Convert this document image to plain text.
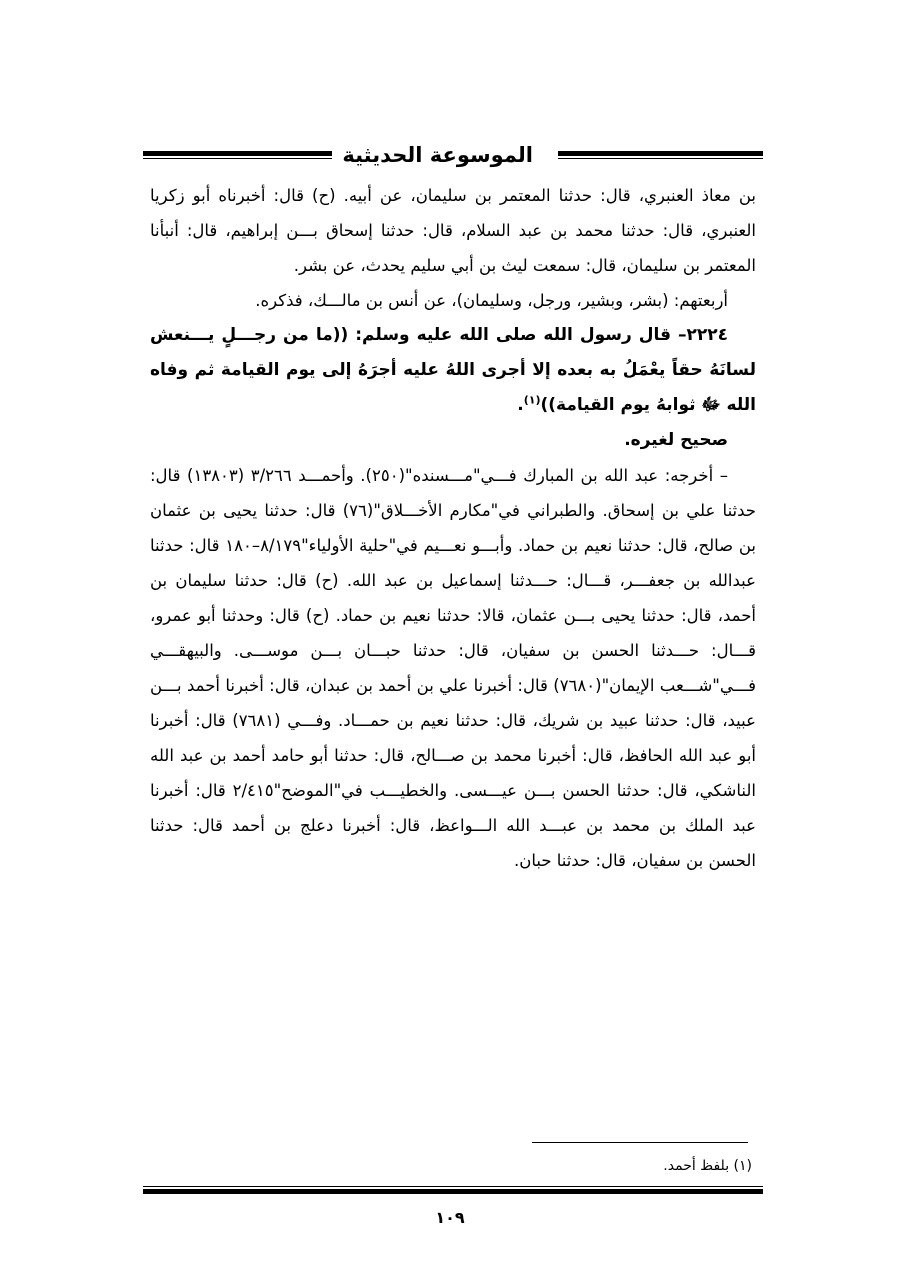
الموسوعة الحديثية

بن معاذ العنبري، قال: حدثنا المعتمر بن سليمان، عن أبيه. (ح) قال: أخبرناه أبو زكريا العنبري، قال: حدثنا محمد بن عبد السلام، قال: حدثنا إسحاق بـــن إبراهيم، قال: أنبأنا المعتمر بن سليمان، قال: سمعت ليث بن أبي سليم يحدث، عن بشر.

أربعتهم: (بشر، وبشير، ورجل، وسليمان)، عن أنس بن مالـــك، فذكره.

٢٢٢٤– قال رسول الله صلى الله عليه وسلم: ((ما من رجـــلٍ يـــنعش لسانَهُ حقاً يعْمَلُ به بعده إلا أجرى اللهُ عليه أجرَهُ إلى يوم القيامة ثم وفاه الله ﷻ ثوابهُ يوم القيامة))$^{(١)}$.

صحيح لغيره.

– أخرجه: عبد الله بن المبارك فـــي"مـــسنده"(٢٥٠). وأحمـــد ٣/٢٦٦ (١٣٨٠٣) قال: حدثنا علي بن إسحاق. والطبراني في"مكارم الأخـــلاق"(٧٦) قال: حدثنا يحيى بن عثمان بن صالح، قال: حدثنا نعيم بن حماد. وأبـــو نعـــيم في"حلية الأولياء"٨/١٧٩–١٨٠ قال: حدثنا عبدالله بن جعفـــر، قـــال: حـــدثنا إسماعيل بن عبد الله. (ح) قال: حدثنا سليمان بن أحمد، قال: حدثنا يحيى بـــن عثمان، قالا: حدثنا نعيم بن حماد. (ح) قال: وحدثنا أبو عمرو، قـــال: حـــدثنا الحسن بن سفيان، قال: حدثنا حبـــان بـــن موســـى. والبيهقـــي فـــي"شـــعب الإيمان"(٧٦٨٠) قال: أخبرنا علي بن أحمد بن عبدان، قال: أخبرنا أحمد بـــن عبيد، قال: حدثنا عبيد بن شريك، قال: حدثنا نعيم بن حمـــاد. وفـــي (٧٦٨١) قال: أخبرنا أبو عبد الله الحافظ، قال: أخبرنا محمد بن صـــالح، قال: حدثنا أبو حامد أحمد بن عبد الله الناشكي، قال: حدثنا الحسن بـــن عيـــسى. والخطيـــب في"الموضح"٢/٤١٥ قال: أخبرنا عبد الملك بن محمد بن عبـــد الله الـــواعظ، قال: أخبرنا دعلج بن أحمد قال: حدثنا الحسن بن سفيان، قال: حدثنا حبان.

(١) بلفظ أحمد.
١٠٩
